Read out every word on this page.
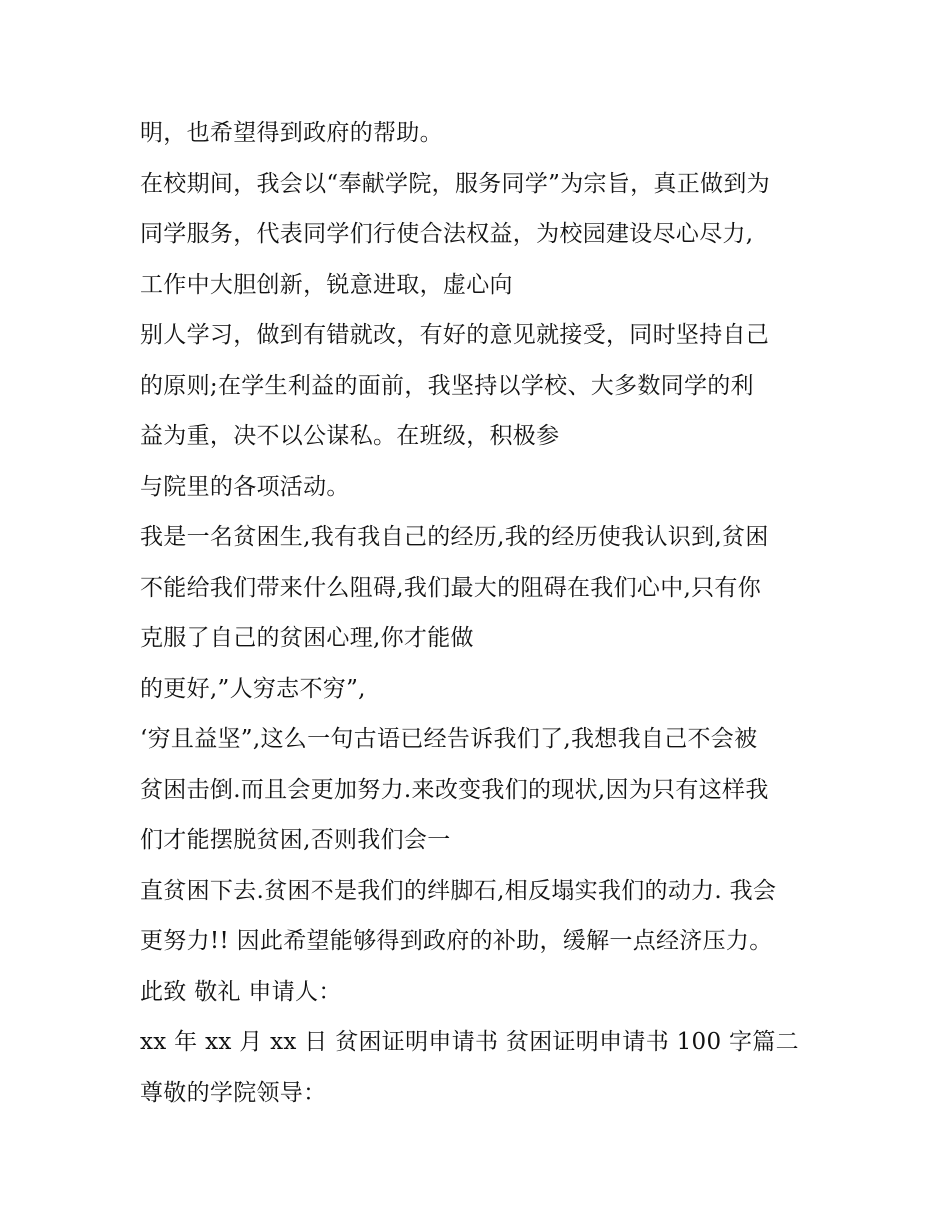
明，也希望得到政府的帮助。
在校期间，我会以“奉献学院，服务同学”为宗旨，真正做到为
同学服务，代表同学们行使合法权益，为校园建设尽心尽力,
工作中大胆创新，锐意进取，虚心向
别人学习，做到有错就改，有好的意见就接受，同时坚持自己
的原则;在学生利益的面前，我坚持以学校、大多数同学的利
益为重，决不以公谋私。在班级，积极参
与院里的各项活动。
我是一名贫困生,我有我自己的经历,我的经历使我认识到,贫困
不能给我们带来什么阻碍,我们最大的阻碍在我们心中,只有你
克服了自己的贫困心理,你才能做
的更好,”人穷志不穷”,
‘穷且益坚”,这么一句古语已经告诉我们了,我想我自己不会被
贫困击倒.而且会更加努力.来改变我们的现状,因为只有这样我
们才能摆脱贫困,否则我们会一
直贫困下去.贫困不是我们的绊脚石,相反塌实我们的动力. 我会
更努力!! 因此希望能够得到政府的补助，缓解一点经济压力。
此致 敬礼 申请人：
xx 年 xx 月 xx 日 贫困证明申请书 贫困证明申请书 100 字篇二
尊敬的学院领导：
